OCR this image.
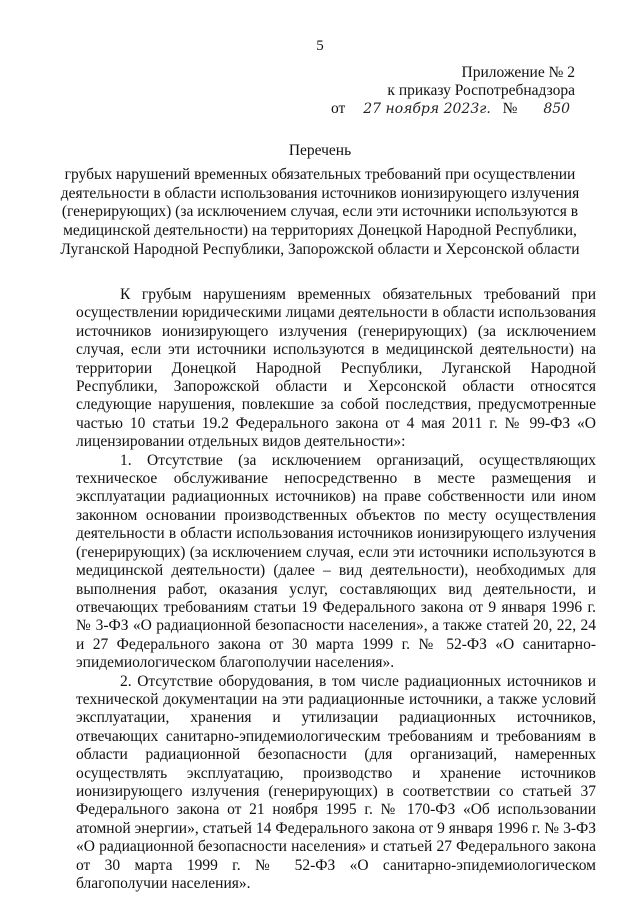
5
Приложение № 2
к приказу Роспотребнадзора
от 27 ноября 2023г. № 850
Перечень
грубых нарушений временных обязательных требований при осуществлении деятельности в области использования источников ионизирующего излучения (генерирующих) (за исключением случая, если эти источники используются в медицинской деятельности) на территориях Донецкой Народной Республики, Луганской Народной Республики, Запорожской области и Херсонской области

К грубым нарушениям временных обязательных требований при осуществлении юридическими лицами деятельности в области использования источников ионизирующего излучения (генерирующих) (за исключением случая, если эти источники используются в медицинской деятельности) на территории Донецкой Народной Республики, Луганской Народной Республики, Запорожской области и Херсонской области относятся следующие нарушения, повлекшие за собой последствия, предусмотренные частью 10 статьи 19.2 Федерального закона от 4 мая 2011 г. № 99-ФЗ «О лицензировании отдельных видов деятельности»:

1. Отсутствие (за исключением организаций, осуществляющих техническое обслуживание непосредственно в месте размещения и эксплуатации радиационных источников) на праве собственности или ином законном основании производственных объектов по месту осуществления деятельности в области использования источников ионизирующего излучения (генерирующих) (за исключением случая, если эти источники используются в медицинской деятельности) (далее – вид деятельности), необходимых для выполнения работ, оказания услуг, составляющих вид деятельности, и отвечающих требованиям статьи 19 Федерального закона от 9 января 1996 г. № 3-ФЗ «О радиационной безопасности населения», а также статей 20, 22, 24 и 27 Федерального закона от 30 марта 1999 г. № 52-ФЗ «О санитарно-эпидемиологическом благополучии населения».

2. Отсутствие оборудования, в том числе радиационных источников и технической документации на эти радиационные источники, а также условий эксплуатации, хранения и утилизации радиационных источников, отвечающих санитарно-эпидемиологическим требованиям и требованиям в области радиационной безопасности (для организаций, намеренных осуществлять эксплуатацию, производство и хранение источников ионизирующего излучения (генерирующих) в соответствии со статьей 37 Федерального закона от 21 ноября 1995 г. № 170-ФЗ «Об использовании атомной энергии», статьей 14 Федерального закона от 9 января 1996 г. № 3-ФЗ «О радиационной безопасности населения» и статьей 27 Федерального закона от 30 марта 1999 г. № 52-ФЗ «О санитарно-эпидемиологическом благополучии населения».
